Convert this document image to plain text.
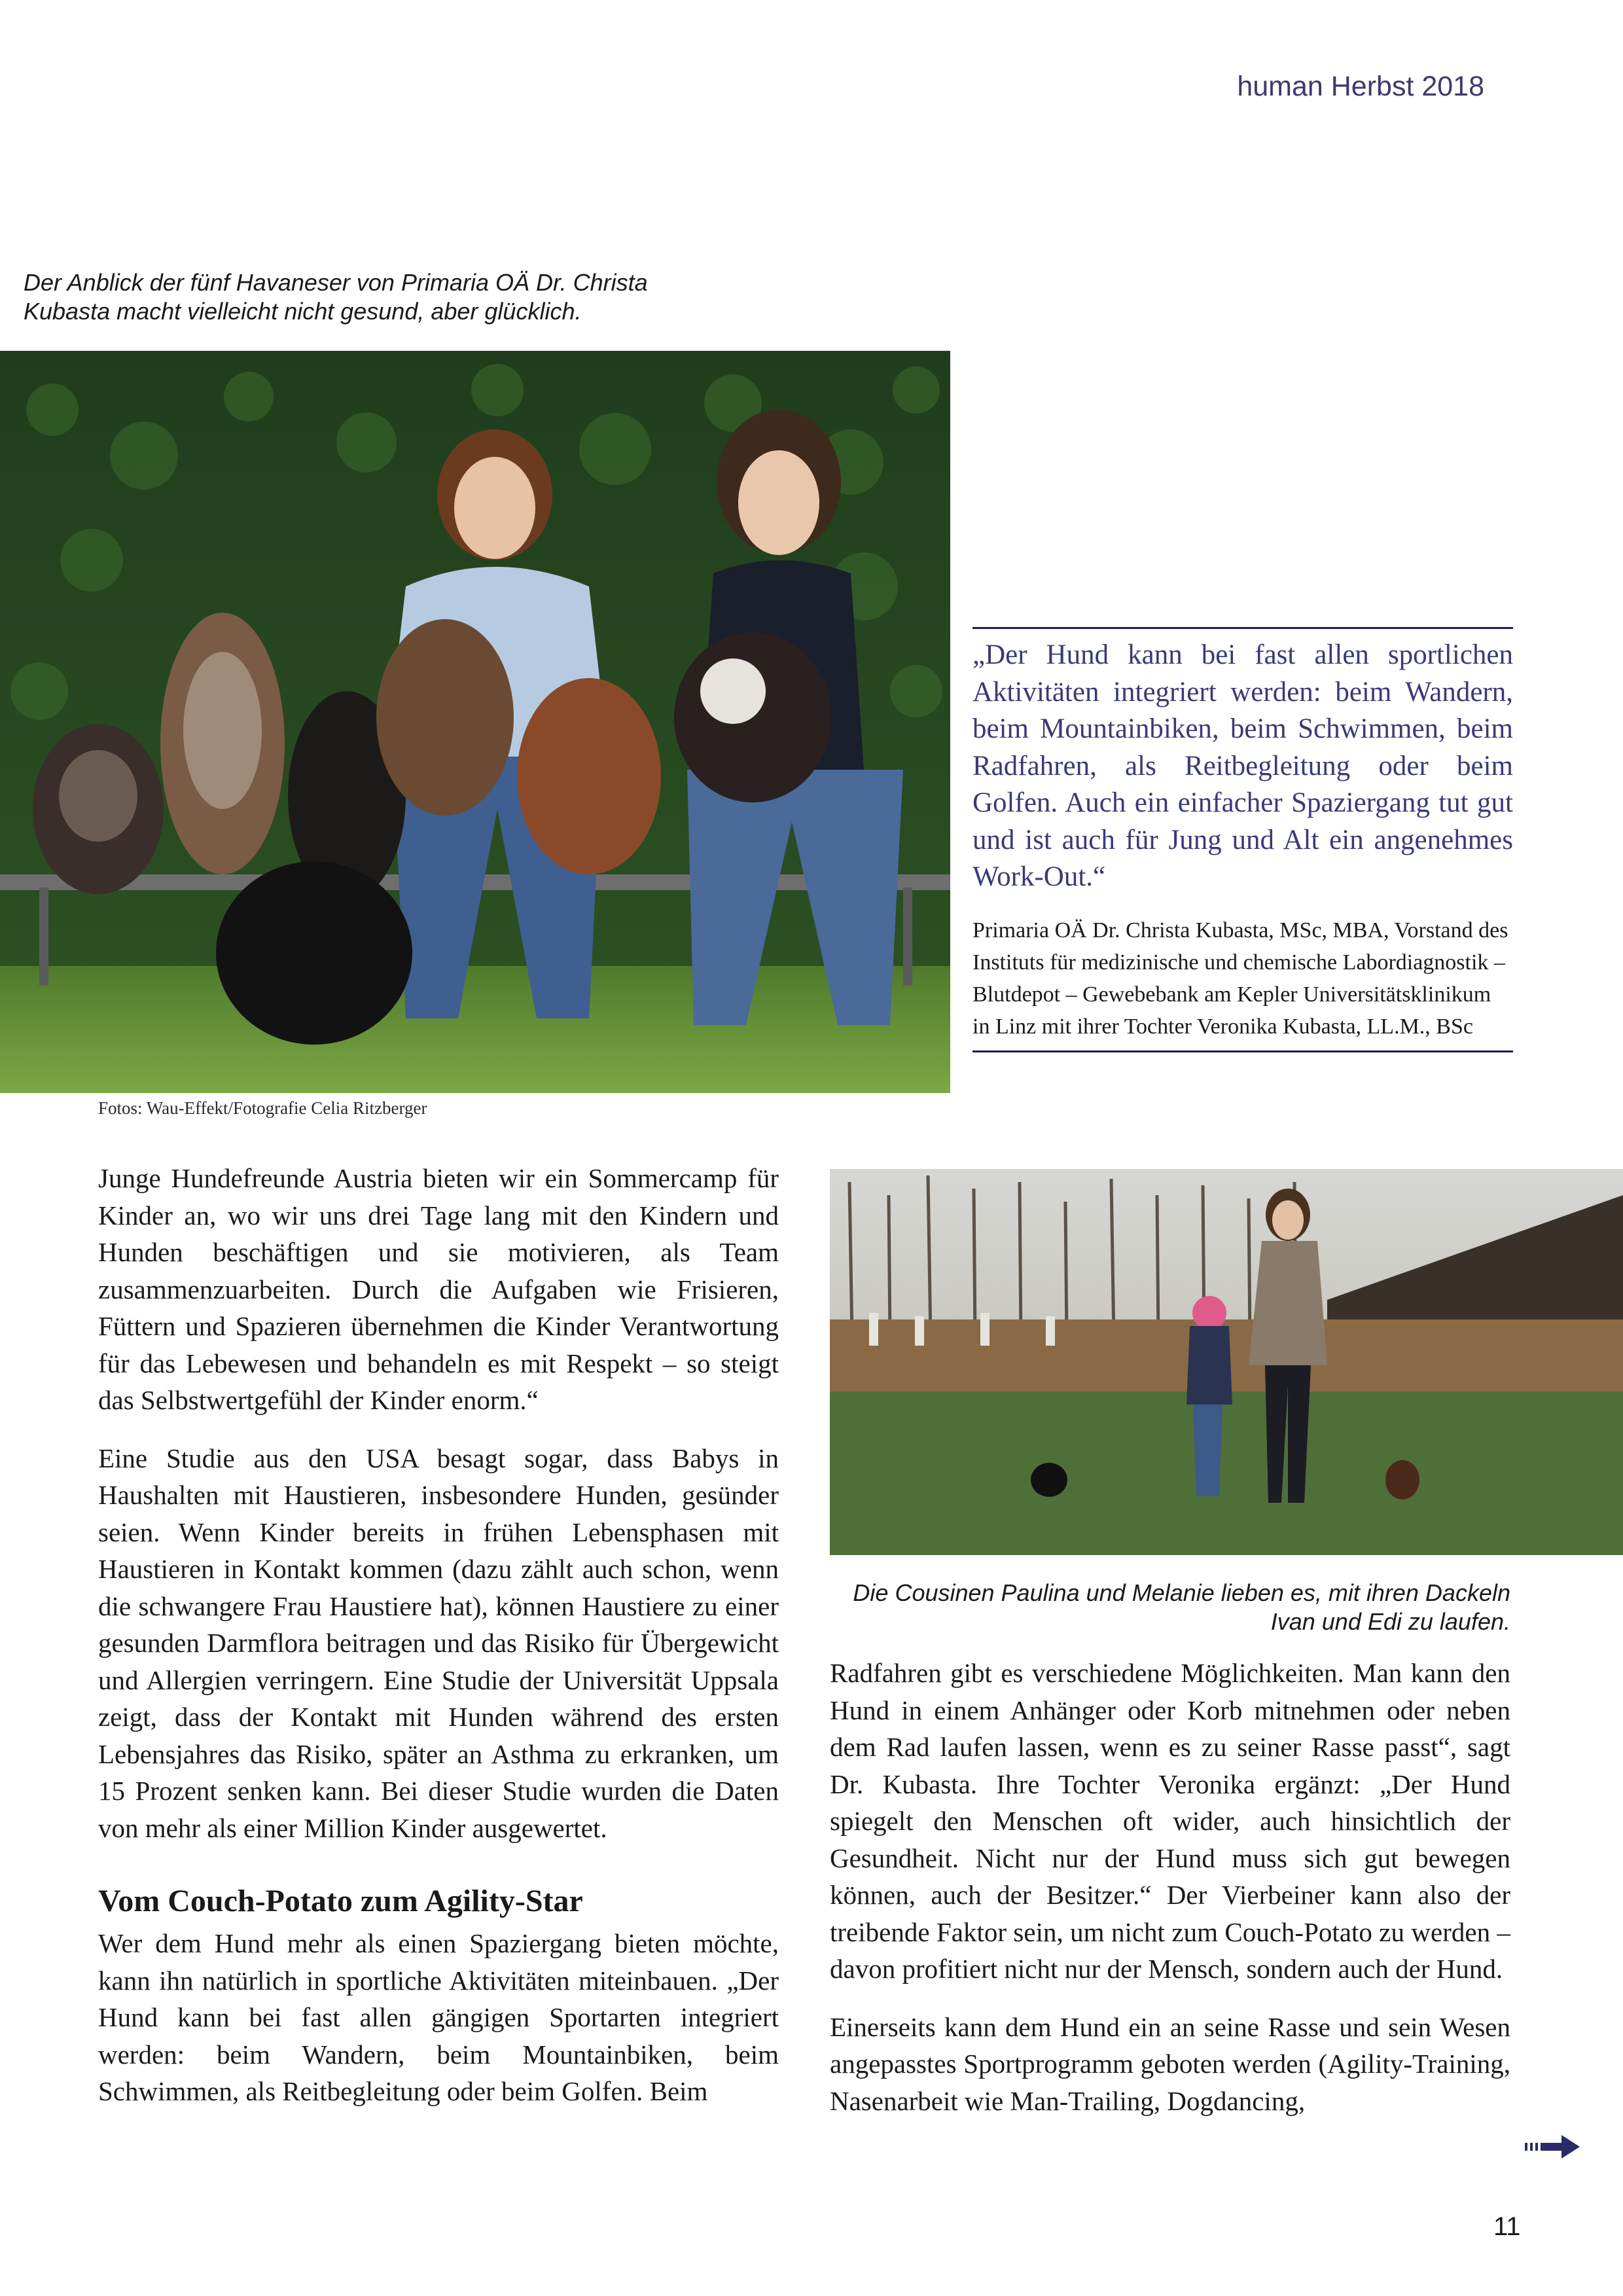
human Herbst 2018
Der Anblick der fünf Havaneser von Primaria OÄ Dr. Christa Kubasta macht vielleicht nicht gesund, aber glücklich.
Fotos: Wau-Effekt/Fotografie Celia Ritzberger

„Der Hund kann bei fast allen sportlichen Aktivitäten integriert werden: beim Wandern, beim Mountainbiken, beim Schwimmen, beim Radfahren, als Reitbegleitung oder beim Golfen. Auch ein einfacher Spaziergang tut gut und ist auch für Jung und Alt ein angenehmes Work-Out.“

Primaria OÄ Dr. Christa Kubasta, MSc, MBA, Vorstand des Instituts für medizinische und chemische Labordiagnostik – Blutdepot – Gewebebank am Kepler Universitätsklinikum in Linz mit ihrer Tochter Veronika Kubasta, LL.M., BSc

Junge Hundefreunde Austria bieten wir ein Sommercamp für Kinder an, wo wir uns drei Tage lang mit den Kindern und Hunden beschäftigen und sie motivieren, als Team zusammenzuarbeiten. Durch die Aufgaben wie Frisieren, Füttern und Spazieren übernehmen die Kinder Verantwortung für das Lebewesen und behandeln es mit Respekt – so steigt das Selbstwertgefühl der Kinder enorm.“

Eine Studie aus den USA besagt sogar, dass Babys in Haushalten mit Haustieren, insbesondere Hunden, gesünder seien. Wenn Kinder bereits in frühen Lebensphasen mit Haustieren in Kontakt kommen (dazu zählt auch schon, wenn die schwangere Frau Haustiere hat), können Haustiere zu einer gesunden Darmflora beitragen und das Risiko für Übergewicht und Allergien verringern. Eine Studie der Universität Uppsala zeigt, dass der Kontakt mit Hunden während des ersten Lebensjahres das Risiko, später an Asthma zu erkranken, um 15 Prozent senken kann. Bei dieser Studie wurden die Daten von mehr als einer Million Kinder ausgewertet.

Vom Couch-Potato zum Agility-Star

Wer dem Hund mehr als einen Spaziergang bieten möchte, kann ihn natürlich in sportliche Aktivitäten miteinbauen. „Der Hund kann bei fast allen gängigen Sportarten integriert werden: beim Wandern, beim Mountainbiken, beim Schwimmen, als Reitbegleitung oder beim Golfen. Beim

Die Cousinen Paulina und Melanie lieben es, mit ihren Dackeln Ivan und Edi zu laufen.

Radfahren gibt es verschiedene Möglichkeiten. Man kann den Hund in einem Anhänger oder Korb mitnehmen oder neben dem Rad laufen lassen, wenn es zu seiner Rasse passt“, sagt Dr. Kubasta. Ihre Tochter Veronika ergänzt: „Der Hund spiegelt den Menschen oft wider, auch hinsichtlich der Gesundheit. Nicht nur der Hund muss sich gut bewegen können, auch der Besitzer.“ Der Vierbeiner kann also der treibende Faktor sein, um nicht zum Couch-Potato zu werden – davon profitiert nicht nur der Mensch, sondern auch der Hund.

Einerseits kann dem Hund ein an seine Rasse und sein Wesen angepasstes Sportprogramm geboten werden (Agility-Training, Nasenarbeit wie Man-Trailing, Dogdancing,

11
